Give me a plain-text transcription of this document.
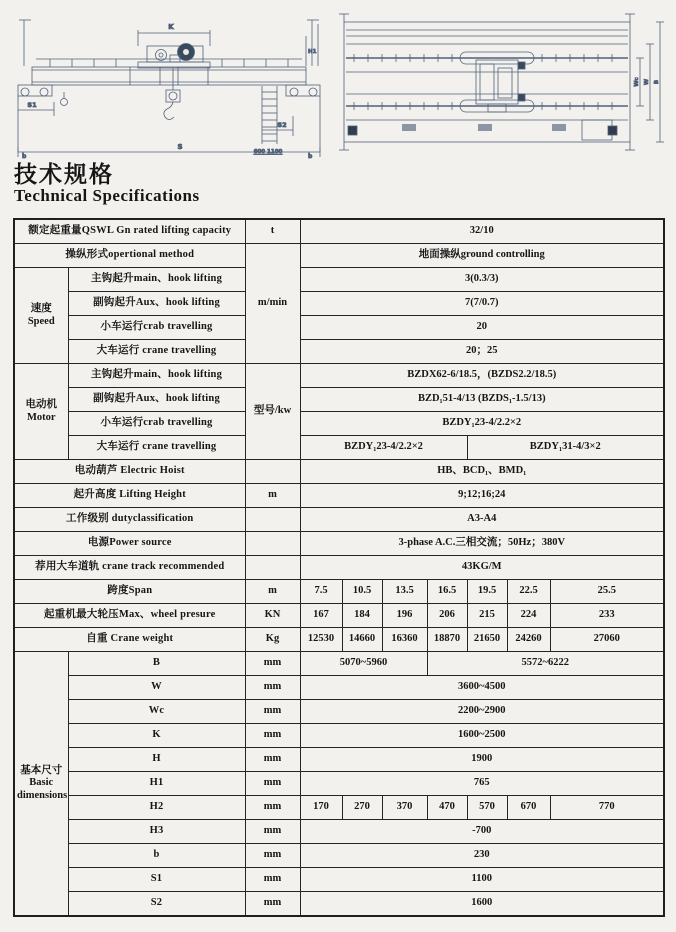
K
S1
S2
600 1100
H1
S
b	b
Wc W B
技术规格
Technical Specifications
额定起重量QSWL Gn rated lifting capacity		t	32/10						
操纵形式opertional method		m/min	地面操纵ground controlling						
速度
Speed	主钩起升main、hook lifting		3(0.3/3)						
	副钩起升Aux、hook lifting		7(7/0.7)						
	小车运行crab travelling		20						
	大车运行 crane travelling		20；25						
电动机
Motor	主钩起升main、hook lifting	型号/kw	BZDX62-6/18.5，(BZDS2.2/18.5)						
	副钩起升Aux、hook lifting		BZD₁51-4/13 (BZDS₁-1.5/13)						
	小车运行crab travelling		BZDY₁23-4/2.2×2						
	大车运行 crane travelling		BZDY₁23-4/2.2×2				BZDY₁31-4/3×2		
电动葫芦 Electric Hoist			HB、BCD₁、BMD₁						
起升高度 Lifting Height		m	9;12;16;24						
工作级别 dutyclassification			A3-A4						
电源Power source			3-phase A.C.三相交流；50Hz；380V						
荐用大车道轨 crane track recommended			43KG/M						
跨度Span		m	7.5	10.5	13.5	16.5	19.5	22.5	25.5
起重机最大轮压Max、wheel presure		KN	167	184	196	206	215	224	233
自重 Crane weight		Kg	12530	14660	16360	18870	21650	24260	27060
基本尺寸
Basic
dimensions	B	mm	5070~5960			5572~6222			
	W	mm	3600~4500						
	Wc	mm	2200~2900						
	K	mm	1600~2500						
	H	mm	1900						
	H1	mm	765						
	H2	mm	170	270	370	470	570	670	770
	H3	mm	-700						
	b	mm	230						
	S1	mm	1100						
	S2	mm	1600						
